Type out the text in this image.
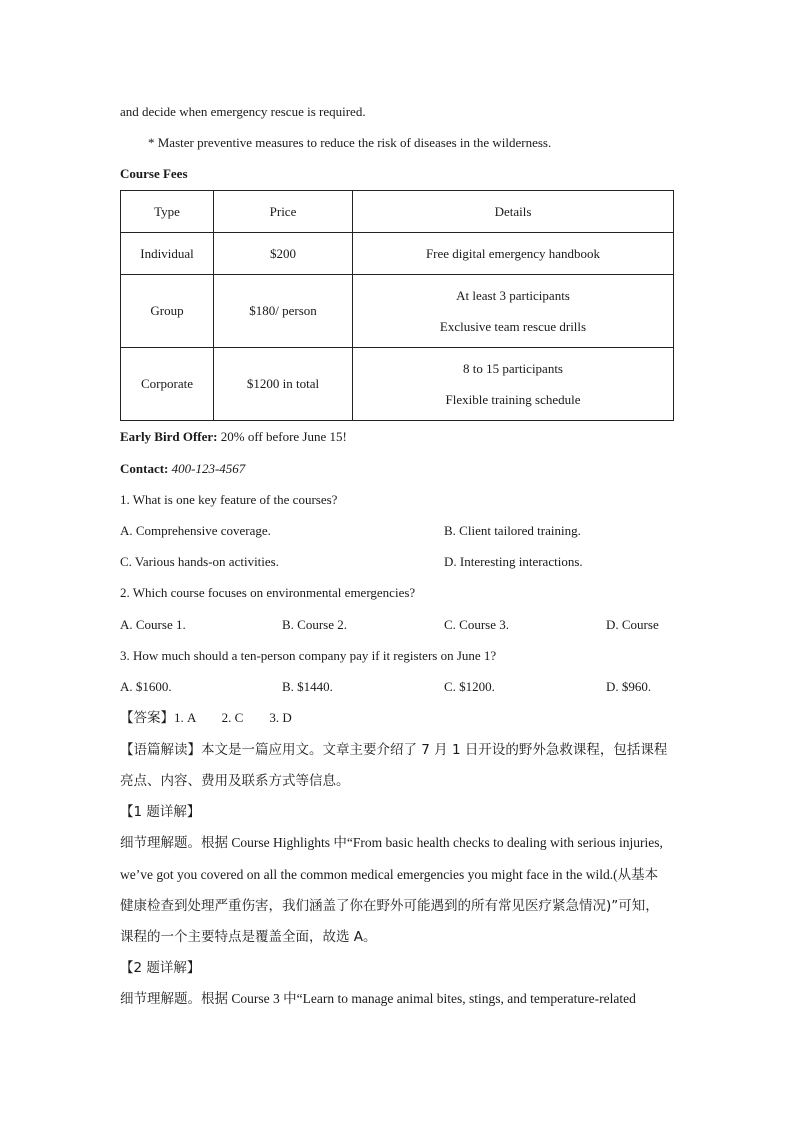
and decide when emergency rescue is required.
* Master preventive measures to reduce the risk of diseases in the wilderness.
Course Fees
Type	Price	Details
Individual	$200	Free digital emergency handbook

Group	$180/ person	At least 3 participants
Exclusive team rescue drills

Corporate	$1200 in total	8 to 15 participants
Flexible training schedule
Early Bird Offer: 20% off before June 15!
Contact: 400-123-4567
1. What is one key feature of the courses?
A. Comprehensive coverage.	B. Client tailored training.
C. Various hands-on activities.	D. Interesting interactions.
2. Which course focuses on environmental emergencies?
A. Course 1.	B. Course 2.	C. Course 3.	D. Course
3. How much should a ten-person company pay if it registers on June 1?
A. $1600.	B. $1440.	C. $1200.	D. $960.
【答案】1. A        2. C        3. D
【语篇解读】本文是一篇应用文。文章主要介绍了 7 月 1 日开设的野外急救课程，包括课程
亮点、内容、费用及联系方式等信息。
【1 题详解】
细节理解题。根据 Course Highlights 中“From basic health checks to dealing with serious injuries,
we’ve got you covered on all the common medical emergencies you might face in the wild.(从基本
健康检查到处理严重伤害，我们涵盖了你在野外可能遇到的所有常见医疗紧急情况)”可知，
课程的一个主要特点是覆盖全面，故选 A。
【2 题详解】
细节理解题。根据 Course 3 中“Learn to manage animal bites, stings, and temperature-related
